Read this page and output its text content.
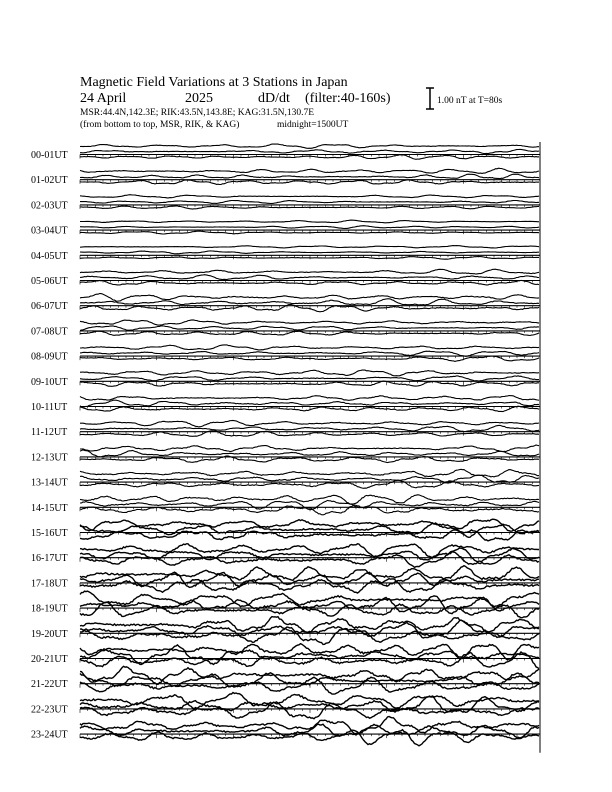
Magnetic Field Variations at 3 Stations in Japan
24 April	2025	dD/dt (filter:40-160s)
MSR:44.4N,142.3E; RIK:43.5N,143.8E; KAG:31.5N,130.7E
(from bottom to top, MSR, RIK, & KAG)	midnight=1500UT
1.00 nT at T=80s
00-01UT
01-02UT
02-03UT
03-04UT
04-05UT
05-06UT
06-07UT
07-08UT
08-09UT
09-10UT
10-11UT
11-12UT
12-13UT
13-14UT
14-15UT
15-16UT
16-17UT
17-18UT
18-19UT
19-20UT
20-21UT
21-22UT
22-23UT
23-24UT
